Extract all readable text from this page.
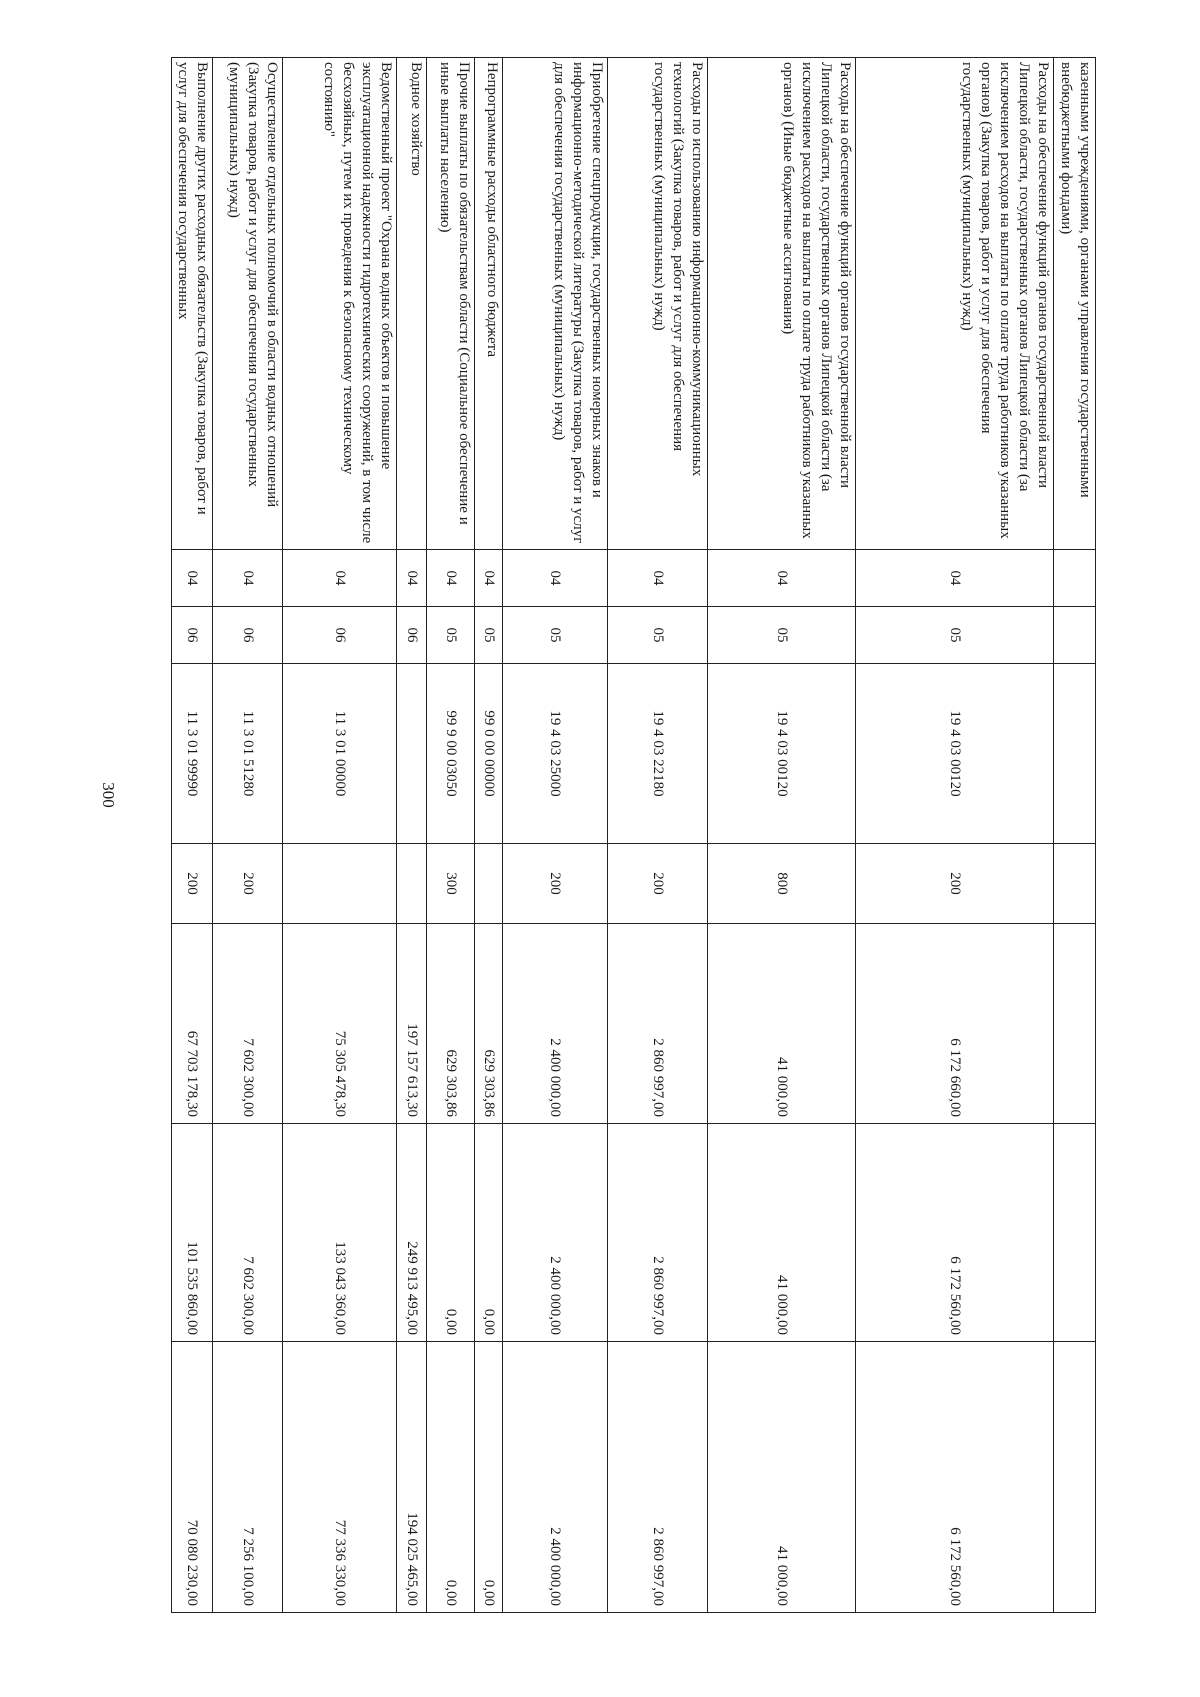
300
казенными учреждениями, органами управления государственными внебюджетными фондами)							
Расходы на обеспечение функций органов государственной власти Липецкой области, государственных органов Липецкой области (за исключением расходов на выплаты по оплате труда работников указанных органов) (Закупка товаров, работ и услуг для обеспечения государственных (муниципальных) нужд)	04	05	19 4 03 00120	200	6 172 660,00	6 172 560,00	6 172 560,00
Расходы на обеспечение функций органов государственной власти Липецкой области, государственных органов Липецкой области (за исключением расходов на выплаты по оплате труда работников указанных органов) (Иные бюджетные ассигнования)	04	05	19 4 03 00120	800	41 000,00	41 000,00	41 000,00
Расходы по использованию информационно-коммуникационных технологий (Закупка товаров, работ и услуг для обеспечения государственных (муниципальных) нужд)	04	05	19 4 03 22180	200	2 860 997,00	2 860 997,00	2 860 997,00
Приобретение спецпродукции, государственных номерных знаков и информационно-методической литературы (Закупка товаров, работ и услуг для обеспечения государственных (муниципальных) нужд)	04	05	19 4 03 25000	200	2 400 000,00	2 400 000,00	2 400 000,00
Непрограммные расходы областного бюджета	04	05	99 0 00 00000		629 303,86	0,00	0,00
Прочие выплаты по обязательствам области (Социальное обеспечение и иные выплаты населению)	04	05	99 9 00 03050	300	629 303,86	0,00	0,00
Водное хозяйство	04	06			197 157 613,30	249 913 495,00	194 025 465,00
Ведомственный проект "Охрана водных объектов и повышение эксплуатационной надежности гидротехнических сооружений, в том числе бесхозяйных, путем их проведения к безопасному техническому состоянию"	04	06	11 3 01 00000		75 305 478,30	133 043 360,00	77 336 330,00
Осуществление отдельных полномочий в области водных отношений (Закупка товаров, работ и услуг для обеспечения государственных (муниципальных) нужд)	04	06	11 3 01 51280	200	7 602 300,00	7 602 300,00	7 256 100,00
Выполнение других расходных обязательств (Закупка товаров, работ и услуг для обеспечения государственных	04	06	11 3 01 99990	200	67 703 178,30	101 535 860,00	70 080 230,00
